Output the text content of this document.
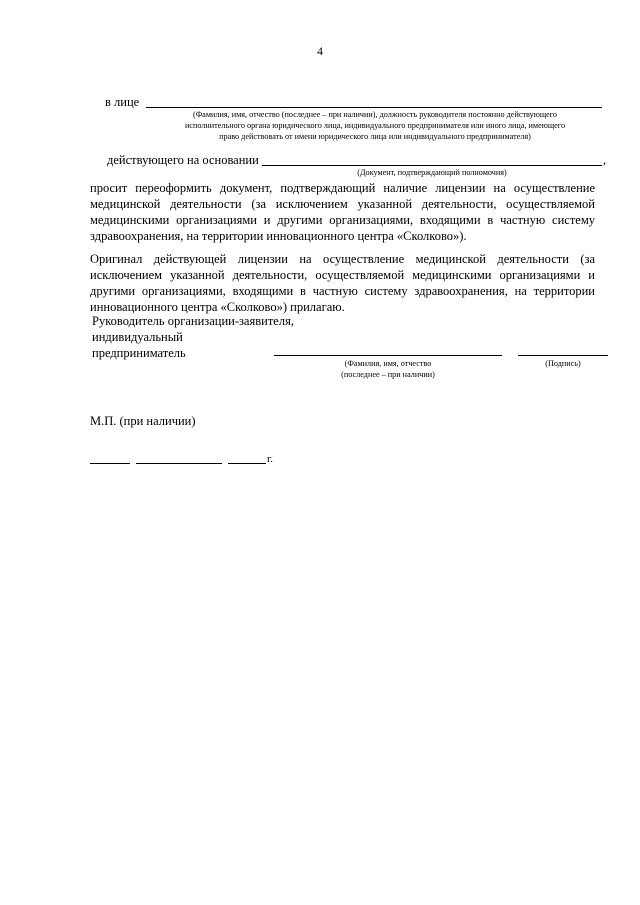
4
в лице
(Фамилия, имя, отчество (последнее – при наличии), должность руководителя постоянно действующего
исполнительного органа юридического лица, индивидуального предпринимателя или иного лица, имеющего
право действовать от имени юридического лица или индивидуального предпринимателя)
действующего на основании	,
(Документ, подтверждающий полномочия)
просит переоформить документ, подтверждающий наличие лицензии на осуществление медицинской деятельности (за исключением указанной деятельности, осуществляемой медицинскими организациями и другими организациями, входящими в частную систему здравоохранения, на территории инновационного центра «Сколково»).
Оригинал действующей лицензии на осуществление медицинской деятельности (за исключением указанной деятельности, осуществляемой медицинскими организациями и другими организациями, входящими в частную систему здравоохранения, на территории инновационного центра «Сколково») прилагаю.
Руководитель организации-заявителя,
индивидуальный
предприниматель
(Фамилия, имя, отчество
(последнее – при наличии)
(Подпись)
М.П. (при наличии)
г.
